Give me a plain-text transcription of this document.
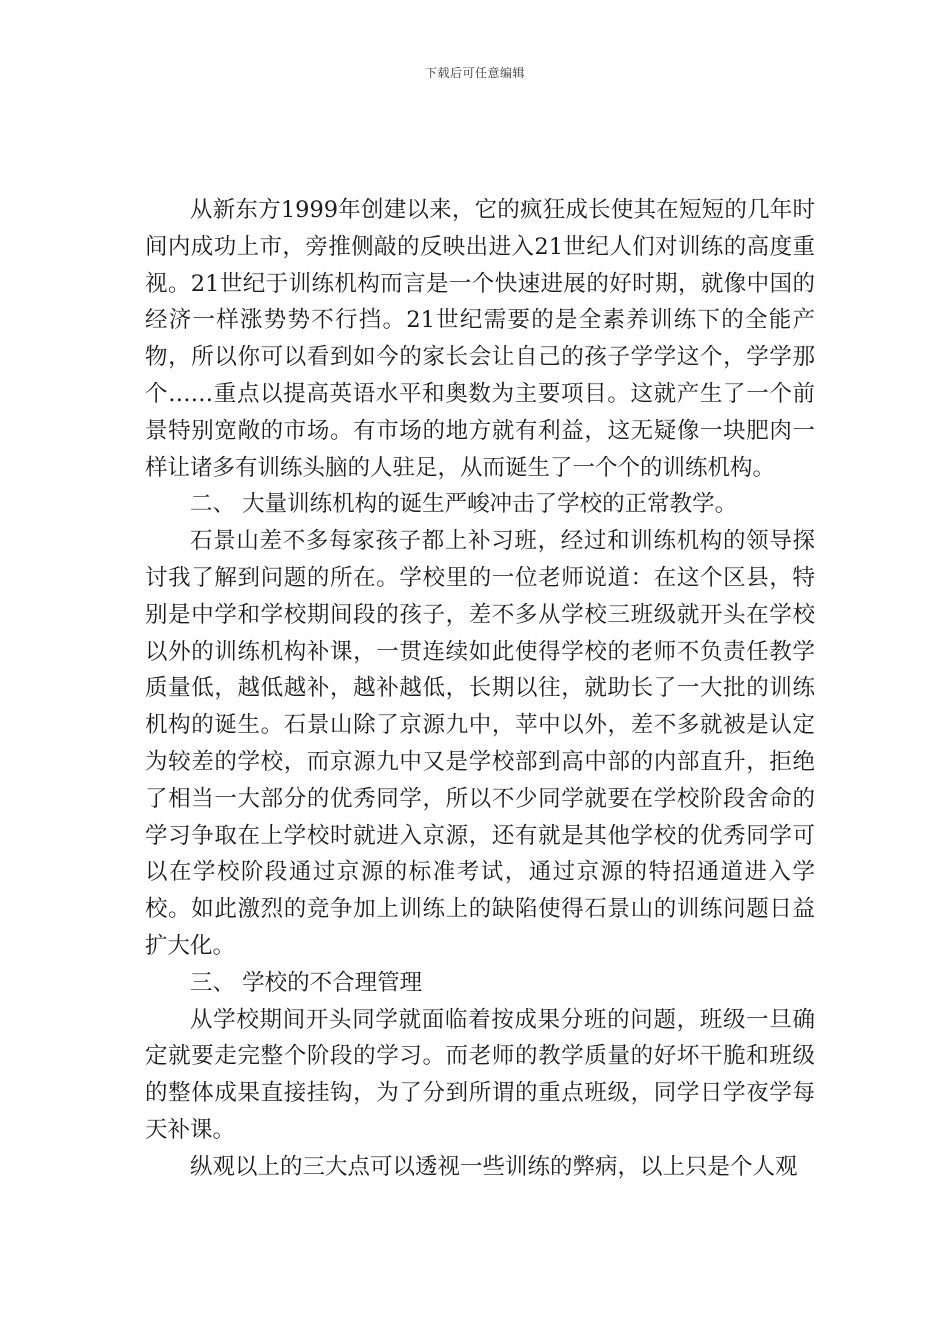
下载后可任意编辑

从新东方1999年创建以来，它的疯狂成长使其在短短的几年时间内成功上市，旁推侧敲的反映出进入21世纪人们对训练的高度重视。21世纪于训练机构而言是一个快速进展的好时期，就像中国的经济一样涨势势不行挡。21世纪需要的是全素养训练下的全能产物，所以你可以看到如今的家长会让自己的孩子学学这个，学学那个……重点以提高英语水平和奥数为主要项目。这就产生了一个前景特别宽敞的市场。有市场的地方就有利益，这无疑像一块肥肉一样让诸多有训练头脑的人驻足，从而诞生了一个个的训练机构。

二、 大量训练机构的诞生严峻冲击了学校的正常教学。

石景山差不多每家孩子都上补习班，经过和训练机构的领导探讨我了解到问题的所在。学校里的一位老师说道：在这个区县，特别是中学和学校期间段的孩子，差不多从学校三班级就开头在学校以外的训练机构补课，一贯连续如此使得学校的老师不负责任教学质量低，越低越补，越补越低，长期以往，就助长了一大批的训练机构的诞生。石景山除了京源九中，苹中以外，差不多就被是认定为较差的学校，而京源九中又是学校部到高中部的内部直升，拒绝了相当一大部分的优秀同学，所以不少同学就要在学校阶段舍命的学习争取在上学校时就进入京源，还有就是其他学校的优秀同学可以在学校阶段通过京源的标准考试，通过京源的特招通道进入学校。如此激烈的竞争加上训练上的缺陷使得石景山的训练问题日益扩大化。

三、 学校的不合理管理

从学校期间开头同学就面临着按成果分班的问题，班级一旦确定就要走完整个阶段的学习。而老师的教学质量的好坏干脆和班级的整体成果直接挂钩，为了分到所谓的重点班级，同学日学夜学每天补课。

纵观以上的三大点可以透视一些训练的弊病，以上只是个人观
